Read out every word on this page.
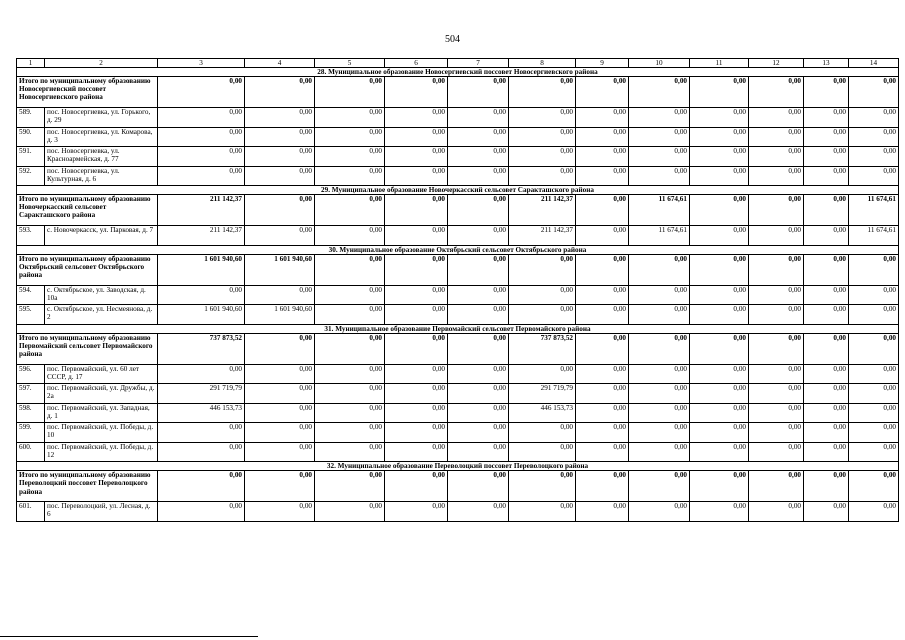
504
1	2	3	4	5	6	7	8	9	10	11	12	13	14
28. Муниципальное образование Новосергиевский поссовет Новосергиевского района													
Итого по муниципальному образованию Новосергиевский поссовет Новосергиевского района		0,00	0,00	0,00	0,00	0,00	0,00	0,00	0,00	0,00	0,00	0,00	0,00
589.	пос. Новосергиевка, ул. Горького, д. 29	0,00	0,00	0,00	0,00	0,00	0,00	0,00	0,00	0,00	0,00	0,00	0,00
590.	пос. Новосергиевка, ул. Комарова, д. 3	0,00	0,00	0,00	0,00	0,00	0,00	0,00	0,00	0,00	0,00	0,00	0,00
591.	пос. Новосергиевка, ул. Красноармейская, д. 77	0,00	0,00	0,00	0,00	0,00	0,00	0,00	0,00	0,00	0,00	0,00	0,00
592.	пос. Новосергиевка, ул. Культурная, д. 6	0,00	0,00	0,00	0,00	0,00	0,00	0,00	0,00	0,00	0,00	0,00	0,00
29. Муниципальное образование Новочеркасский сельсовет Саракташского района													
Итого по муниципальному образованию Новочеркасский сельсовет Саракташского района		211 142,37	0,00	0,00	0,00	0,00	211 142,37	0,00	11 674,61	0,00	0,00	0,00	11 674,61
593.	с. Новочеркасск, ул. Парковая, д. 7	211 142,37	0,00	0,00	0,00	0,00	211 142,37	0,00	11 674,61	0,00	0,00	0,00	11 674,61
30. Муниципальное образование Октябрьский сельсовет Октябрьского района													
Итого по муниципальному образованию Октябрьский сельсовет Октябрьского района		1 601 940,60	1 601 940,60	0,00	0,00	0,00	0,00	0,00	0,00	0,00	0,00	0,00	0,00
594.	с. Октябрьское, ул. Заводская, д. 10а	0,00	0,00	0,00	0,00	0,00	0,00	0,00	0,00	0,00	0,00	0,00	0,00
595.	с. Октябрьское, ул. Несмеянова, д. 2	1 601 940,60	1 601 940,60	0,00	0,00	0,00	0,00	0,00	0,00	0,00	0,00	0,00	0,00
31. Муниципальное образование Первомайский сельсовет Первомайского района													
Итого по муниципальному образованию Первомайский сельсовет Первомайского района		737 873,52	0,00	0,00	0,00	0,00	737 873,52	0,00	0,00	0,00	0,00	0,00	0,00
596.	пос. Первомайский, ул. 60 лет СССР, д. 17	0,00	0,00	0,00	0,00	0,00	0,00	0,00	0,00	0,00	0,00	0,00	0,00
597.	пос. Первомайский, ул. Дружбы, д. 2а	291 719,79	0,00	0,00	0,00	0,00	291 719,79	0,00	0,00	0,00	0,00	0,00	0,00
598.	пос. Первомайский, ул. Западная, д. 1	446 153,73	0,00	0,00	0,00	0,00	446 153,73	0,00	0,00	0,00	0,00	0,00	0,00
599.	пос. Первомайский, ул. Победы, д. 10	0,00	0,00	0,00	0,00	0,00	0,00	0,00	0,00	0,00	0,00	0,00	0,00
600.	пос. Первомайский, ул. Победы, д. 12	0,00	0,00	0,00	0,00	0,00	0,00	0,00	0,00	0,00	0,00	0,00	0,00
32. Муниципальное образование Переволоцкий поссовет Переволоцкого района													
Итого по муниципальному образованию Переволоцкий поссовет Переволоцкого района		0,00	0,00	0,00	0,00	0,00	0,00	0,00	0,00	0,00	0,00	0,00	0,00
601.	пос. Переволоцкий, ул. Лесная, д. 6	0,00	0,00	0,00	0,00	0,00	0,00	0,00	0,00	0,00	0,00	0,00	0,00
